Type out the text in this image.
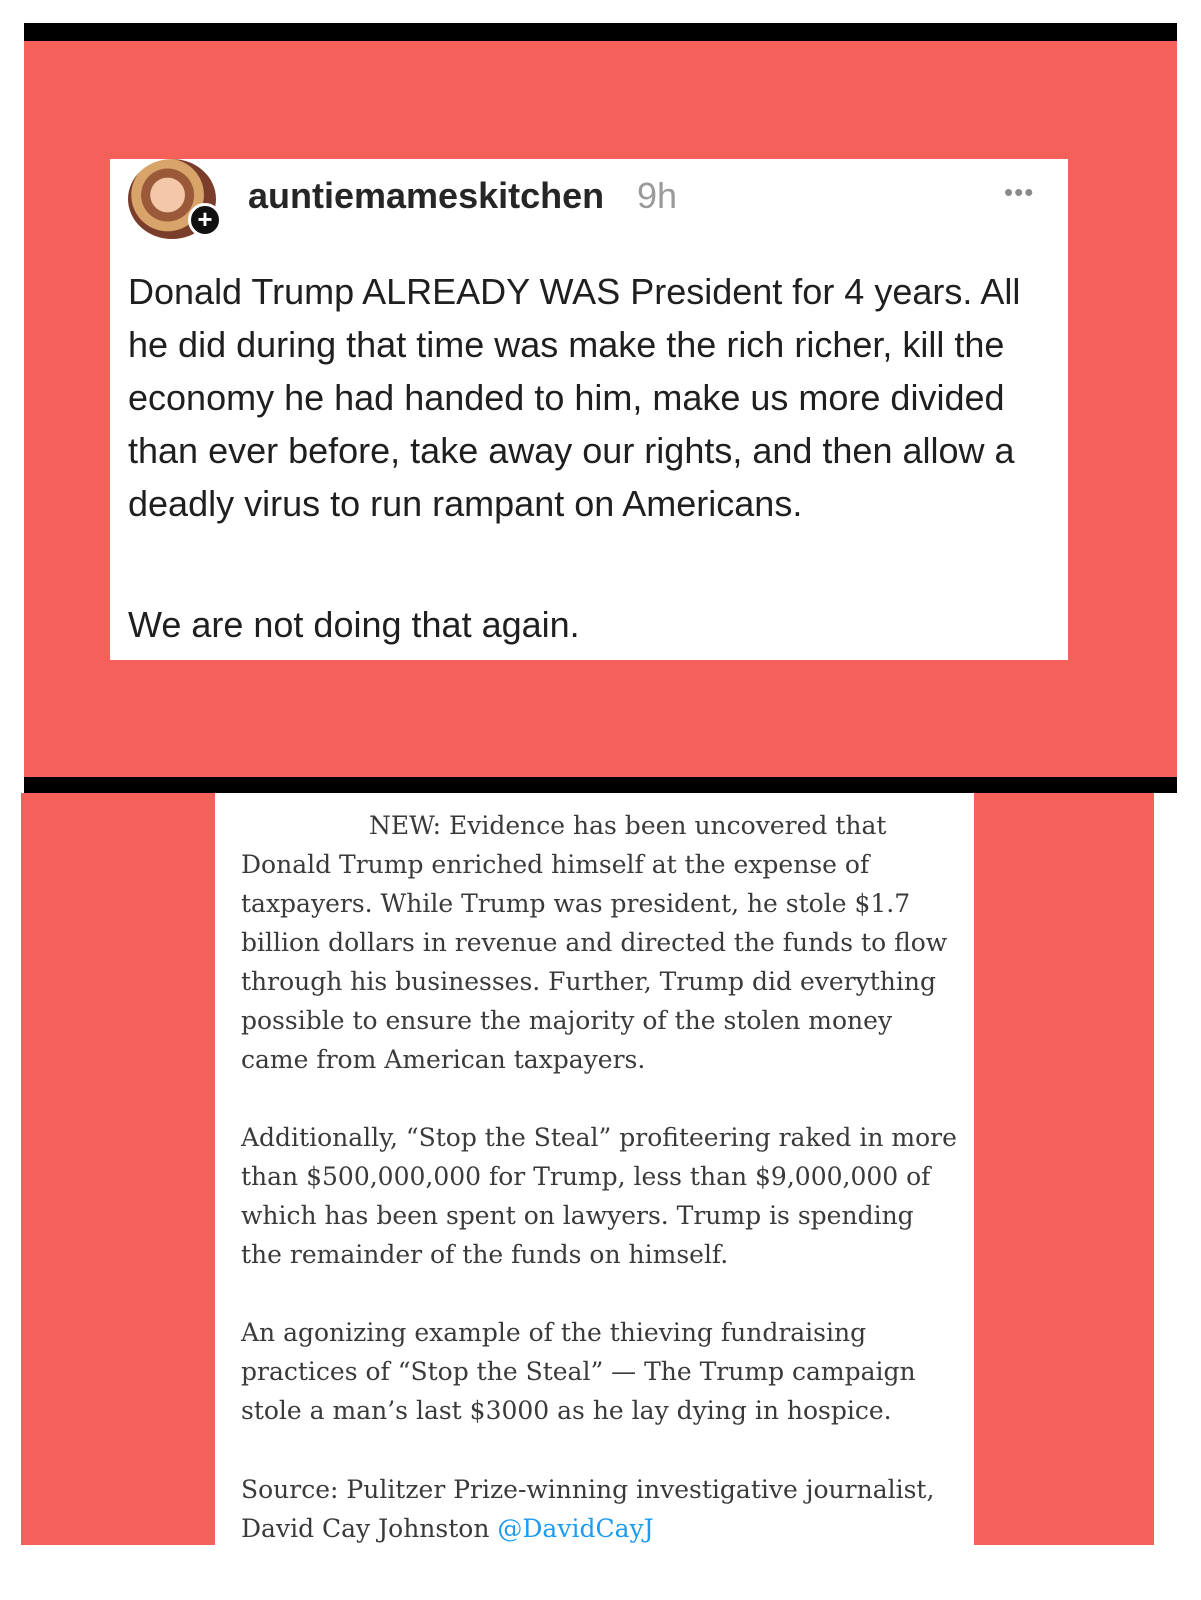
+
auntiemameskitchen 9h	•••
Donald Trump ALREADY WAS President for 4 years. All he did during that time was make the rich richer, kill the economy he had handed to him, make us more divided than ever before, take away our rights, and then allow a deadly virus to run rampant on Americans.
We are not doing that again.

NEW: Evidence has been uncovered that Donald Trump enriched himself at the expense of taxpayers. While Trump was president, he stole $1.7 billion dollars in revenue and directed the funds to flow through his businesses. Further, Trump did everything possible to ensure the majority of the stolen money came from American taxpayers.

Additionally, “Stop the Steal” profiteering raked in more than $500,000,000 for Trump, less than $9,000,000 of which has been spent on lawyers. Trump is spending the remainder of the funds on himself.

An agonizing example of the thieving fundraising practices of “Stop the Steal” — The Trump campaign stole a man’s last $3000 as he lay dying in hospice.

Source: Pulitzer Prize-winning investigative journalist, David Cay Johnston @DavidCayJ
